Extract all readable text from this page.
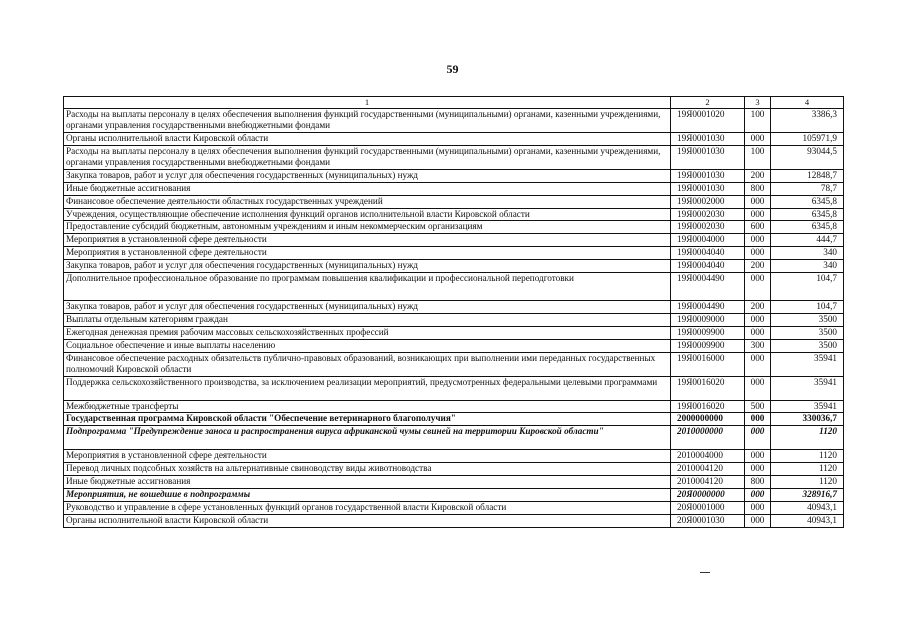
59
1	2	3	4
Расходы на выплаты персоналу в целях обеспечения выполнения функций государственными (муниципальными) органами, казенными учреждениями, органами управления государственными внебюджетными фондами	19Я0001020	100	3386,3
Органы исполнительной власти Кировской области	19Я0001030	000	105971,9
Расходы на выплаты персоналу в целях обеспечения выполнения функций государственными (муниципальными) органами, казенными учреждениями, органами управления государственными внебюджетными фондами	19Я0001030	100	93044,5
Закупка товаров, работ и услуг для обеспечения государственных (муниципальных) нужд	19Я0001030	200	12848,7
Иные бюджетные ассигнования	19Я0001030	800	78,7
Финансовое обеспечение деятельности областных государственных учреждений	19Я0002000	000	6345,8
Учреждения, осуществляющие обеспечение исполнения функций органов исполнительной власти Кировской области	19Я0002030	000	6345,8
Предоставление субсидий бюджетным, автономным учреждениям и иным некоммерческим организациям	19Я0002030	600	6345,8
Мероприятия в установленной сфере деятельности	19Я0004000	000	444,7
Мероприятия в установленной сфере деятельности	19Я0004040	000	340
Закупка товаров, работ и услуг для обеспечения государственных (муниципальных) нужд	19Я0004040	200	340
Дополнительное профессиональное образование по программам повышения квалификации и профессиональной переподготовки	19Я0004490	000	104,7
Закупка товаров, работ и услуг для обеспечения государственных (муниципальных) нужд	19Я0004490	200	104,7
Выплаты отдельным категориям граждан	19Я0009000	000	3500
Ежегодная денежная премия рабочим массовых сельскохозяйственных профессий	19Я0009900	000	3500
Социальное обеспечение и иные выплаты населению	19Я0009900	300	3500
Финансовое обеспечение расходных обязательств публично-правовых образований, возникающих при выполнении ими переданных государственных полномочий Кировской области	19Я0016000	000	35941
Поддержка сельскохозяйственного производства, за исключением реализации мероприятий, предусмотренных федеральными целевыми программами	19Я0016020	000	35941
Межбюджетные трансферты	19Я0016020	500	35941
Государственная программа Кировской области "Обеспечение ветеринарного благополучия"	2000000000	000	330036,7
Подпрограмма "Предупреждение заноса и распространения вируса африканской чумы свиней на территории Кировской области"	2010000000	000	1120
Мероприятия в установленной сфере деятельности	2010004000	000	1120
Перевод личных подсобных хозяйств на альтернативные свиноводству виды животноводства	2010004120	000	1120
Иные бюджетные ассигнования	2010004120	800	1120
Мероприятия, не вошедшие в подпрограммы	20Я0000000	000	328916,7
Руководство и управление в сфере установленных функций органов государственной власти Кировской области	20Я0001000	000	40943,1
Органы исполнительной власти Кировской области	20Я0001030	000	40943,1
